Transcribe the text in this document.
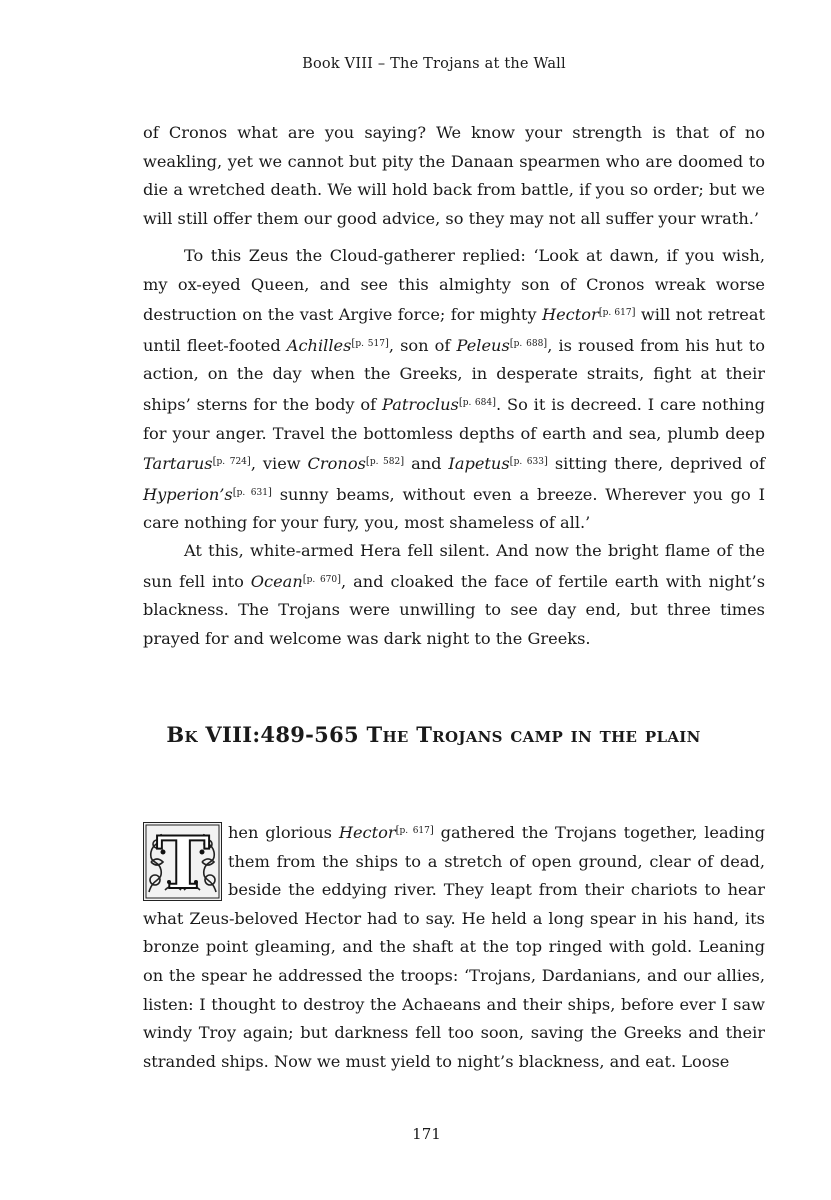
Book VIII – The Trojans at the Wall

of Cronos what are you saying? We know your strength is that of no weakling, yet we cannot but pity the Danaan spearmen who are doomed to die a wretched death. We will hold back from battle, if you so order; but we will still offer them our good advice, so they may not all suffer your wrath.’

To this Zeus the Cloud-gatherer replied: ‘Look at dawn, if you wish, my ox-eyed Queen, and see this almighty son of Cronos wreak worse destruction on the vast Argive force; for mighty Hector[p. 617] will not retreat until fleet-footed Achilles[p. 517], son of Peleus[p. 688], is roused from his hut to action, on the day when the Greeks, in desperate straits, fight at their ships’ sterns for the body of Patroclus[p. 684]. So it is decreed. I care nothing for your anger. Travel the bottomless depths of earth and sea, plumb deep Tartarus[p. 724], view Cronos[p. 582] and Iapetus[p. 633] sitting there, deprived of Hyperion’s[p. 631] sunny beams, without even a breeze. Wherever you go I care nothing for your fury, you, most shameless of all.’

At this, white-armed Hera fell silent. And now the bright flame of the sun fell into Ocean[p. 670], and cloaked the face of fertile earth with night’s blackness. The Trojans were unwilling to see day end, but three times prayed for and welcome was dark night to the Greeks.

Bk VIII:489-565 The Trojans camp in the plain
T	hen glorious Hector[p. 617] gathered the Trojans together, leading them from the ships to a stretch of open ground, clear of dead, beside the eddying river. They leapt from their chariots to hear what Zeus-beloved Hector had to say. He held a long spear in his hand, its bronze point gleaming, and the shaft at the top ringed with gold. Leaning on the spear he addressed the troops: ‘Trojans, Dardanians, and our allies, listen: I thought to destroy the Achaeans and their ships, before ever I saw windy Troy again; but darkness fell too soon, saving the Greeks and their stranded ships. Now we must yield to night’s blackness, and eat. Loose

171
